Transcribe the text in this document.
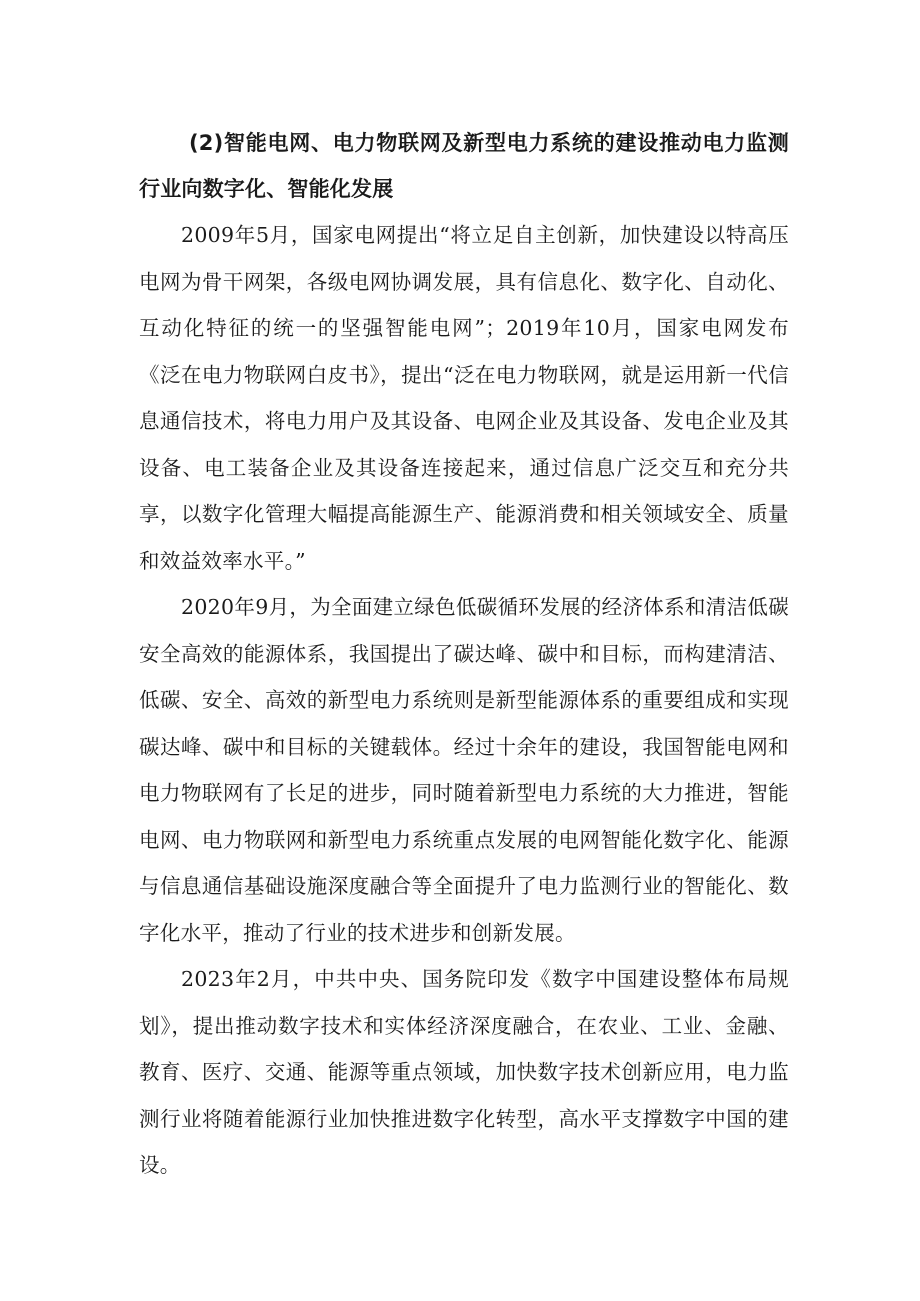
(2)智能电网、电力物联网及新型电力系统的建设推动电力监测行业向数字化、智能化发展

2009年5月，国家电网提出“将立足自主创新，加快建设以特高压电网为骨干网架，各级电网协调发展，具有信息化、数字化、自动化、互动化特征的统一的坚强智能电网”；2019年10月，国家电网发布《泛在电力物联网白皮书》，提出“泛在电力物联网，就是运用新一代信息通信技术，将电力用户及其设备、电网企业及其设备、发电企业及其设备、电工装备企业及其设备连接起来，通过信息广泛交互和充分共享，以数字化管理大幅提高能源生产、能源消费和相关领域安全、质量和效益效率水平。”

2020年9月，为全面建立绿色低碳循环发展的经济体系和清洁低碳安全高效的能源体系，我国提出了碳达峰、碳中和目标，而构建清洁、低碳、安全、高效的新型电力系统则是新型能源体系的重要组成和实现碳达峰、碳中和目标的关键载体。经过十余年的建设，我国智能电网和电力物联网有了长足的进步，同时随着新型电力系统的大力推进，智能电网、电力物联网和新型电力系统重点发展的电网智能化数字化、能源与信息通信基础设施深度融合等全面提升了电力监测行业的智能化、数字化水平，推动了行业的技术进步和创新发展。

2023年2月，中共中央、国务院印发《数字中国建设整体布局规划》，提出推动数字技术和实体经济深度融合，在农业、工业、金融、教育、医疗、交通、能源等重点领域，加快数字技术创新应用，电力监测行业将随着能源行业加快推进数字化转型，高水平支撑数字中国的建设。
